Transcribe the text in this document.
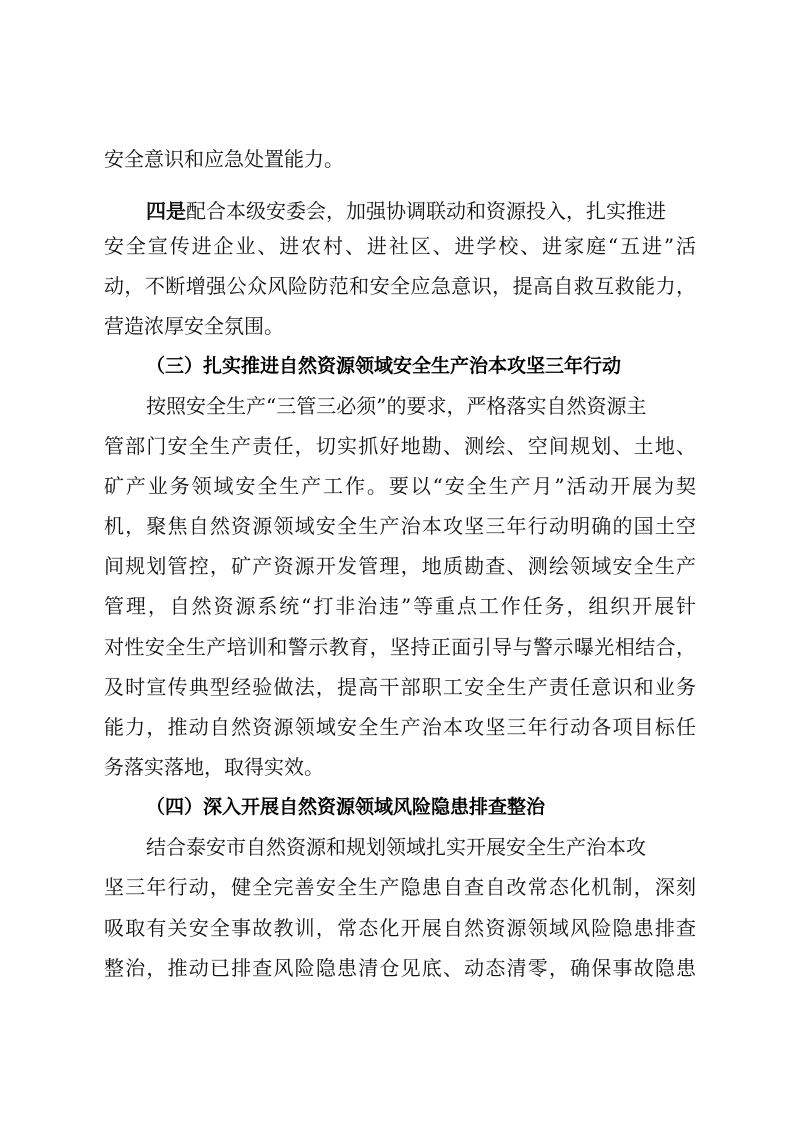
安全意识和应急处置能力。
四是配合本级安委会，加强协调联动和资源投入，扎实推进
安全宣传进企业、进农村、进社区、进学校、进家庭“五进”活
动，不断增强公众风险防范和安全应急意识，提高自救互救能力，
营造浓厚安全氛围。
（三）扎实推进自然资源领域安全生产治本攻坚三年行动
按照安全生产“三管三必须”的要求，严格落实自然资源主
管部门安全生产责任，切实抓好地勘、测绘、空间规划、土地、
矿产业务领域安全生产工作。要以“安全生产月”活动开展为契
机，聚焦自然资源领域安全生产治本攻坚三年行动明确的国土空
间规划管控，矿产资源开发管理，地质勘查、测绘领域安全生产
管理，自然资源系统“打非治违”等重点工作任务，组织开展针
对性安全生产培训和警示教育，坚持正面引导与警示曝光相结合，
及时宣传典型经验做法，提高干部职工安全生产责任意识和业务
能力，推动自然资源领域安全生产治本攻坚三年行动各项目标任
务落实落地，取得实效。
（四）深入开展自然资源领域风险隐患排查整治
结合泰安市自然资源和规划领域扎实开展安全生产治本攻
坚三年行动，健全完善安全生产隐患自查自改常态化机制，深刻
吸取有关安全事故教训，常态化开展自然资源领域风险隐患排查
整治，推动已排查风险隐患清仓见底、动态清零，确保事故隐患
